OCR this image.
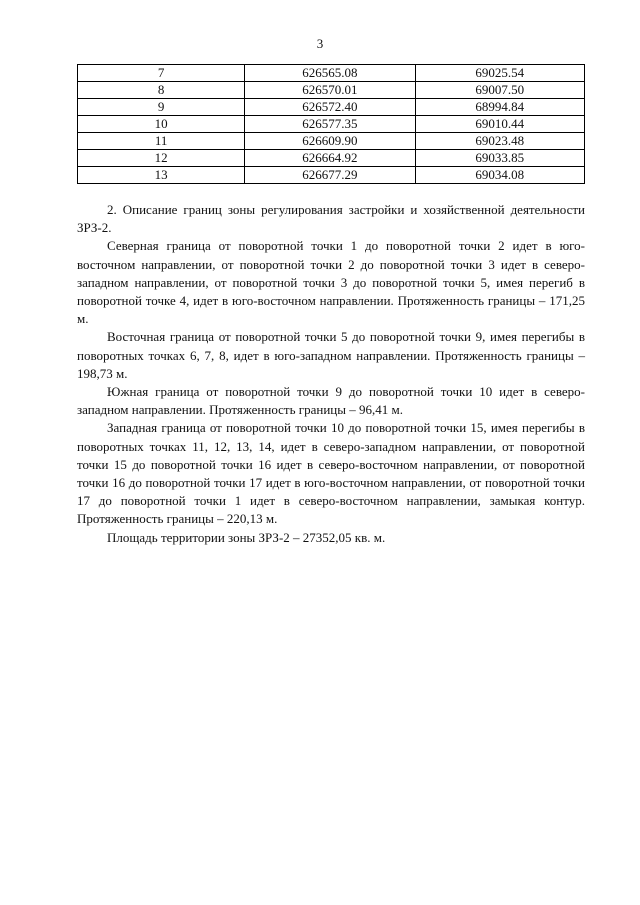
3
7	626565.08	69025.54
8	626570.01	69007.50
9	626572.40	68994.84
10	626577.35	69010.44
11	626609.90	69023.48
12	626664.92	69033.85
13	626677.29	69034.08

2. Описание границ зоны регулирования застройки и хозяйственной деятельности ЗРЗ-2.

Северная граница от поворотной точки 1 до поворотной точки 2 идет в юго-восточном направлении, от поворотной точки 2 до поворотной точки 3 идет в северо-западном направлении, от поворотной точки 3 до поворотной точки 5, имея перегиб в поворотной точке 4, идет в юго-восточном направлении. Протяженность границы – 171,25 м.

Восточная граница от поворотной точки 5 до поворотной точки 9, имея перегибы в поворотных точках 6, 7, 8, идет в юго-западном направлении. Протяженность границы – 198,73 м.

Южная граница от поворотной точки 9 до поворотной точки 10 идет в северо-западном направлении. Протяженность границы – 96,41 м.

Западная граница от поворотной точки 10 до поворотной точки 15, имея перегибы в поворотных точках 11, 12, 13, 14, идет в северо-западном направлении, от поворотной точки 15 до поворотной точки 16 идет в северо-восточном направлении, от поворотной точки 16 до поворотной точки 17 идет в юго-восточном направлении, от поворотной точки 17 до поворотной точки 1 идет в северо-восточном направлении, замыкая контур. Протяженность границы – 220,13 м.

Площадь территории зоны ЗРЗ-2 – 27352,05 кв. м.
